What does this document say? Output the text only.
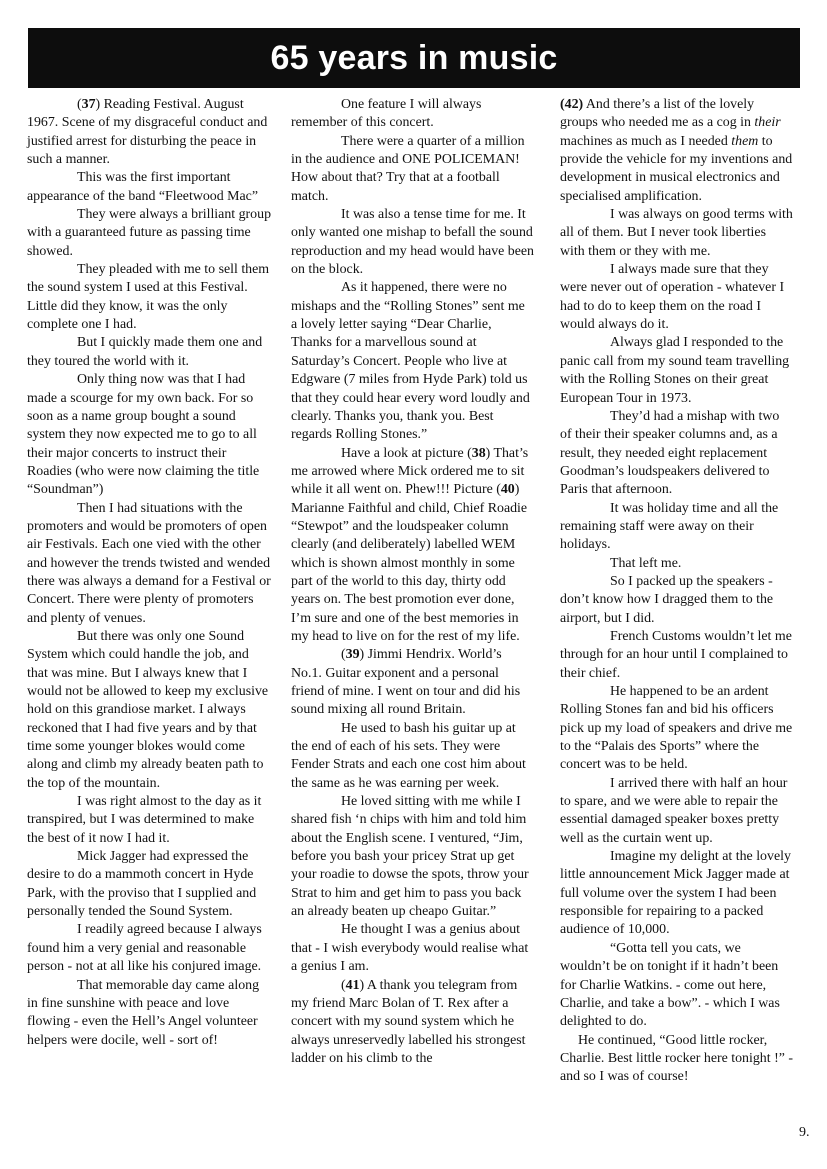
65 years in music

(37) Reading Festival. August 1967. Scene of my disgraceful conduct and justified arrest for disturbing the peace in such a manner.

This was the first important appearance of the band “Fleetwood Mac”

They were always a brilliant group with a guaranteed future as passing time showed.

They pleaded with me to sell them the sound system I used at this Festival. Little did they know, it was the only complete one I had.

But I quickly made them one and they toured the world with it.

Only thing now was that I had made a scourge for my own back. For so soon as a name group bought a sound system they now expected me to go to all their major concerts to instruct their Roadies (who were now claiming the title “Soundman”)

Then I had situations with the promoters and would be promoters of open air Festivals. Each one vied with the other and however the trends twisted and wended there was always a demand for a Festival or Concert. There were plenty of promoters and plenty of venues.

But there was only one Sound System which could handle the job, and that was mine. But I always knew that I would not be allowed to keep my exclusive hold on this grandiose market. I always reckoned that I had five years and by that time some younger blokes would come along and climb my already beaten path to the top of the mountain.

I was right almost to the day as it transpired, but I was determined to make the best of it now I had it.

Mick Jagger had expressed the desire to do a mammoth concert in Hyde Park, with the proviso that I supplied and personally tended the Sound System.

I readily agreed because I always found him a very genial and reasonable person - not at all like his conjured image.

That memorable day came along in fine sunshine with peace and love flowing - even the Hell’s Angel volunteer helpers were docile, well - sort of!

One feature I will always remember of this concert.

There were a quarter of a million in the audience and ONE POLICEMAN! How about that? Try that at a football match.

It was also a tense time for me. It only wanted one mishap to befall the sound reproduction and my head would have been on the block.

As it happened, there were no mishaps and the “Rolling Stones” sent me a lovely letter saying “Dear Charlie, Thanks for a marvellous sound at Saturday’s Concert. People who live at Edgware (7 miles from Hyde Park) told us that they could hear every word loudly and clearly. Thanks you, thank you. Best regards Rolling Stones.”

Have a look at picture (38) That’s me arrowed where Mick ordered me to sit while it all went on. Phew!!! Picture (40) Marianne Faithful and child, Chief Roadie “Stewpot” and the loudspeaker column clearly (and deliberately) labelled WEM which is shown almost monthly in some part of the world to this day, thirty odd years on. The best promotion ever done, I’m sure and one of the best memories in my head to live on for the rest of my life.

(39) Jimmi Hendrix. World’s No.1. Guitar exponent and a personal friend of mine. I went on tour and did his sound mixing all round Britain.

He used to bash his guitar up at the end of each of his sets. They were Fender Strats and each one cost him about the same as he was earning per week.

He loved sitting with me while I shared fish ‘n chips with him and told him about the English scene. I ventured, “Jim, before you bash your pricey Strat up get your roadie to dowse the spots, throw your Strat to him and get him to pass you back an already beaten up cheapo Guitar.”

He thought I was a genius about that - I wish everybody would realise what a genius I am.

(41) A thank you telegram from my friend Marc Bolan of T. Rex after a concert with my sound system which he always unreservedly labelled his strongest ladder on his climb to the

(42) And there’s a list of the lovely groups who needed me as a cog in their machines as much as I needed them to provide the vehicle for my inventions and development in musical electronics and specialised amplification.

I was always on good terms with all of them. But I never took liberties with them or they with me.

I always made sure that they were never out of operation - whatever I had to do to keep them on the road I would always do it.

Always glad I responded to the panic call from my sound team travelling with the Rolling Stones on their great European Tour in 1973.

They’d had a mishap with two of their their speaker columns and, as a result, they needed eight replacement Goodman’s loudspeakers delivered to Paris that afternoon.

It was holiday time and all the remaining staff were away on their holidays.

That left me.

So I packed up the speakers - don’t know how I dragged them to the airport, but I did.

French Customs wouldn’t let me through for an hour until I complained to their chief.

He happened to be an ardent Rolling Stones fan and bid his officers pick up my load of speakers and drive me to the “Palais des Sports” where the concert was to be held.

I arrived there with half an hour to spare, and we were able to repair the essential damaged speaker boxes pretty well as the curtain went up.

Imagine my delight at the lovely little announcement Mick Jagger made at full volume over the system I had been responsible for repairing to a packed audience of 10,000.

“Gotta tell you cats, we wouldn’t be on tonight if it hadn’t been for Charlie Watkins. - come out here, Charlie, and take a bow”. - which I was delighted to do.

He continued, “Good little rocker, Charlie. Best little rocker here tonight !” - and so I was of course!

9.
